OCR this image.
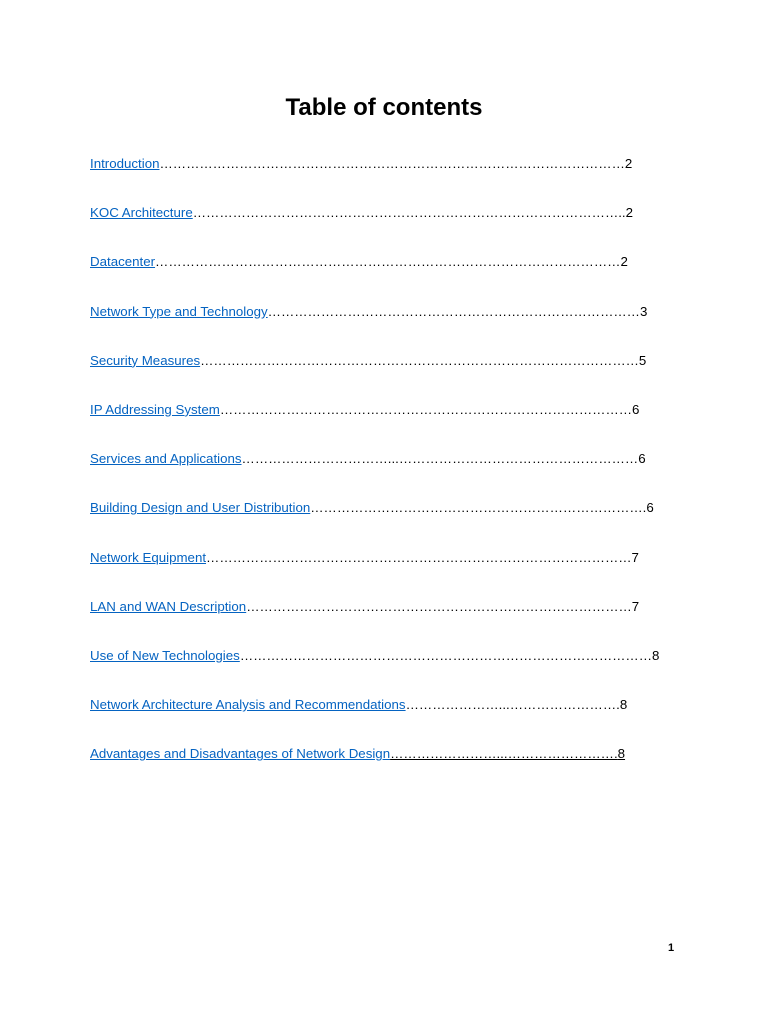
Table of contents
Introduction …………………………………………………………………………………………… 2
KOC Architecture …………………………………………………………………………………….. 2
Datacenter …………………………………………………………………………………………… 2
Network Type and Technology ………………………………………………………………………… 3
Security Measures ……………………………………………………………………………………… 5
IP Addressing System ………………………………………………………………………………… 6
Services and Applications ……………………………...……………………………………………… 6
Building Design and User Distribution …………………………………………………………………. 6
Network Equipment …………………………………………………………………………………… 7
LAN and WAN Description …………………………………………………………………………… 7
Use of New Technologies ………………………………………………………………………………… 8
Network Architecture Analysis and Recommendations …………………...……………………. 8
Advantages and Disadvantages of Network Design ……………………...……………………. 8
1
